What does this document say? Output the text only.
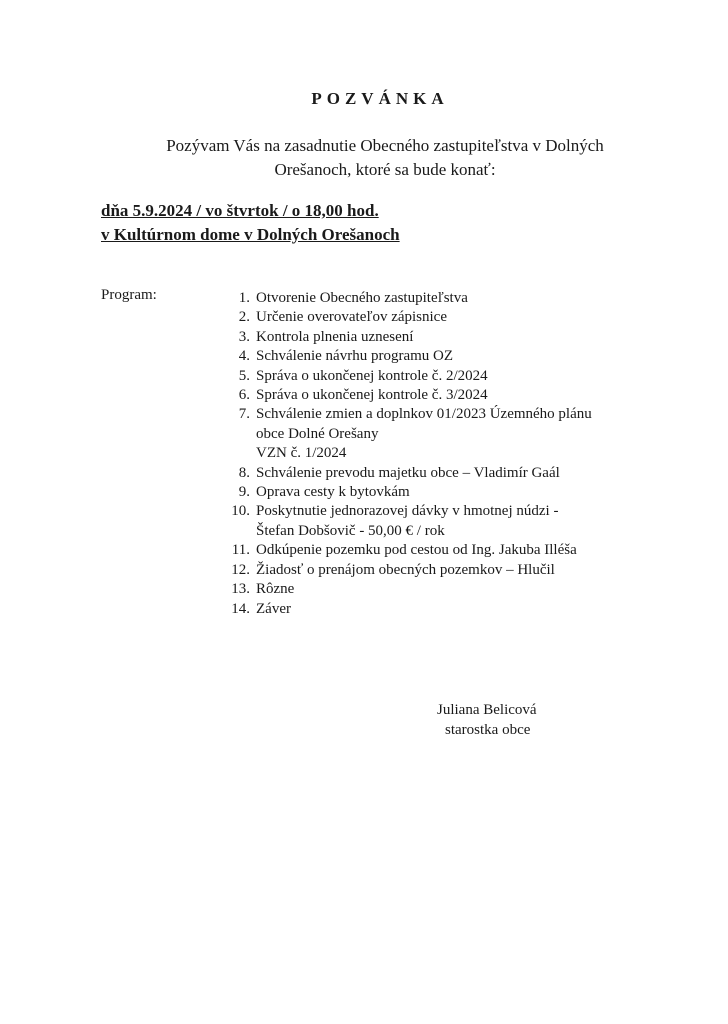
POZVÁNKA
Pozývam Vás na zasadnutie Obecného zastupiteľstva v Dolných
Orešanoch, ktoré sa bude konať:
dňa 5.9.2024 / vo štvrtok / o 18,00 hod.
v Kultúrnom dome v Dolných Orešanoch
Program:	1. Otvorenie Obecného zastupiteľstva
2. Určenie overovateľov zápisnice
3. Kontrola plnenia uznesení
4. Schválenie návrhu programu OZ
5. Správa o ukončenej kontrole č. 2/2024
6. Správa o ukončenej kontrole č. 3/2024
7. Schválenie zmien a doplnkov 01/2023 Územného plánu
obce Dolné Orešany
VZN č. 1/2024
8. Schválenie prevodu majetku obce – Vladimír Gaál
9. Oprava cesty k bytovkám
10. Poskytnutie jednorazovej dávky v hmotnej núdzi -
Štefan Dobšovič - 50,00 € / rok
11. Odkúpenie pozemku pod cestou od Ing. Jakuba Illéša
12. Žiadosť o prenájom obecných pozemkov – Hlučil
13. Rôzne
14. Záver
Juliana Belicová
starostka obce
